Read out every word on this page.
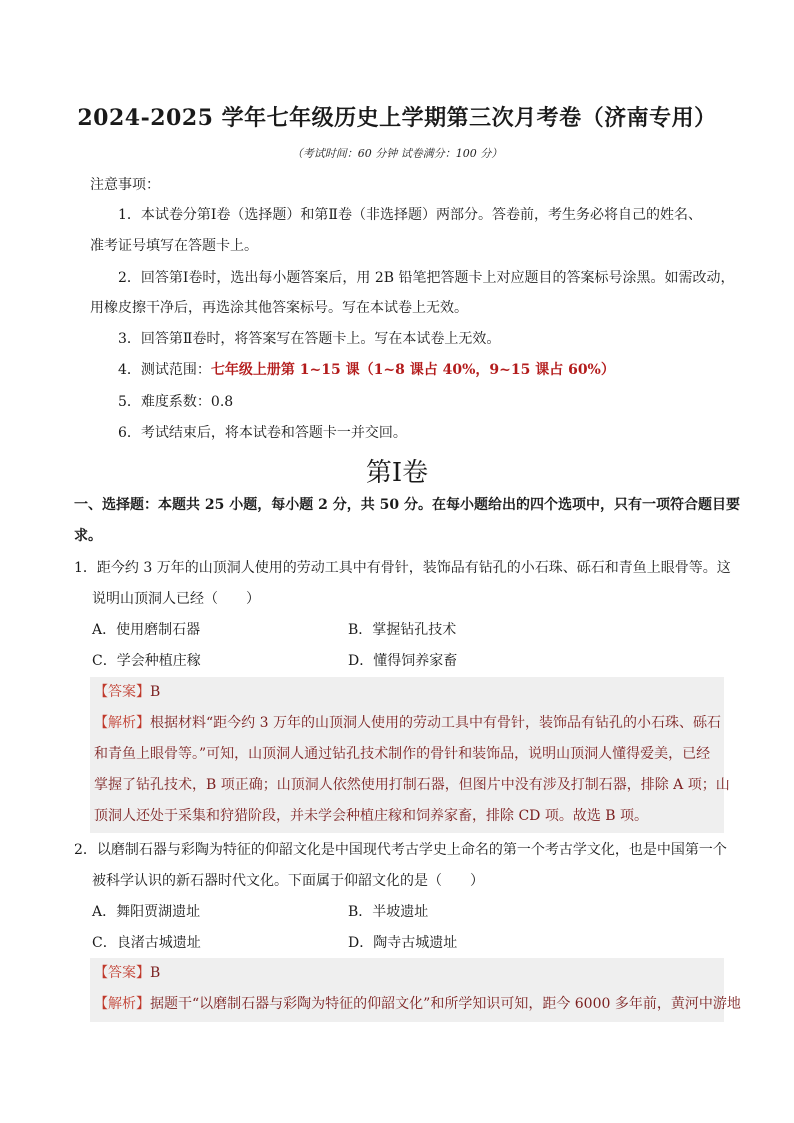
2024-2025 学年七年级历史上学期第三次月考卷（济南专用）
（考试时间：60 分钟 试卷满分：100 分）
注意事项：
1．本试卷分第Ⅰ卷（选择题）和第Ⅱ卷（非选择题）两部分。答卷前，考生务必将自己的姓名、
准考证号填写在答题卡上。
2．回答第Ⅰ卷时，选出每小题答案后，用 2B 铅笔把答题卡上对应题目的答案标号涂黑。如需改动，
用橡皮擦干净后，再选涂其他答案标号。写在本试卷上无效。
3．回答第Ⅱ卷时，将答案写在答题卡上。写在本试卷上无效。
4．测试范围：七年级上册第 1~15 课（1~8 课占 40%，9~15 课占 60%）
5．难度系数：0.8
6．考试结束后，将本试卷和答题卡一并交回。
第Ⅰ卷
一、选择题：本题共 25 小题，每小题 2 分，共 50 分。在每小题给出的四个选项中，只有一项符合题目要
求。
1．距今约 3 万年的山顶洞人使用的劳动工具中有骨针，装饰品有钻孔的小石珠、砾石和青鱼上眼骨等。这
说明山顶洞人已经（　　）
A．使用磨制石器	B．掌握钻孔技术
C．学会种植庄稼	D．懂得饲养家畜
【答案】B
【解析】根据材料“距今约 3 万年的山顶洞人使用的劳动工具中有骨针，装饰品有钻孔的小石珠、砾石
和青鱼上眼骨等。”可知，山顶洞人通过钻孔技术制作的骨针和装饰品，说明山顶洞人懂得爱美，已经
掌握了钻孔技术，B 项正确；山顶洞人依然使用打制石器，但图片中没有涉及打制石器，排除 A 项；山
顶洞人还处于采集和狩猎阶段，并未学会种植庄稼和饲养家畜，排除 CD 项。故选 B 项。
2．以磨制石器与彩陶为特征的仰韶文化是中国现代考古学史上命名的第一个考古学文化，也是中国第一个
被科学认识的新石器时代文化。下面属于仰韶文化的是（　　）
A．舞阳贾湖遗址	B．半坡遗址
C．良渚古城遗址	D．陶寺古城遗址
【答案】B
【解析】据题干“以磨制石器与彩陶为特征的仰韶文化”和所学知识可知，距今 6000 多年前，黄河中游地
